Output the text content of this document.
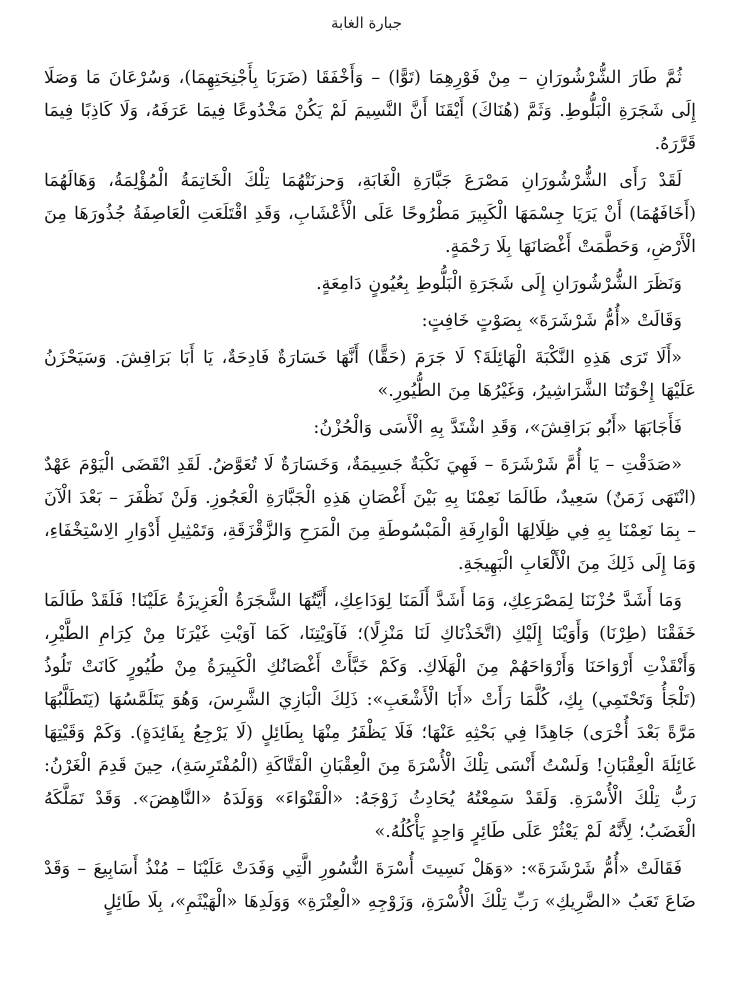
جبارة الغابة

ثُمَّ طَارَ الشُّرْشُورَانِ – مِنْ فَوْرِهِمَا (تَوًّا) – وَأَخْفَقَا (ضَرَبَا بِأَجْنِحَتِهِمَا)، وَسُرْعَانَ مَا وَصَلَا إِلَى شَجَرَةِ الْبَلُّوطِ. وَثَمَّ (هُنَاكَ) أَيْقَنَا أَنَّ النَّسِيمَ لَمْ يَكُنْ مَخْدُوعًا فِيمَا عَرَفَهُ، وَلَا كَاذِبًا فِيمَا قَرَّرَهُ.

لَقَدْ رَأَى الشُّرْشُورَانِ مَصْرَعَ جَبَّارَةِ الْغَابَةِ، وَحزنَتْهُمَا تِلْكَ الْخَاتِمَةُ الْمُؤْلِمَةُ، وَهَالَهُمَا (أَخَافَهُمَا) أَنْ يَرَيَا جِسْمَهَا الْكَبِيرَ مَطْرُوحًا عَلَى الْأَعْشَابِ، وَقَدِ اقْتَلَعَتِ الْعَاصِفَةُ جُذُورَهَا مِنَ الْأَرْضِ، وَحَطَّمَتْ أَغْصَانَهَا بِلَا رَحْمَةٍ.

وَنَظَرَ الشُّرْشُورَانِ إِلَى شَجَرَةِ الْبَلُّوطِ بِعُيُونٍ دَامِعَةٍ.

وَقَالَتْ «أُمُّ شَرْشَرَةَ» بِصَوْتٍ خَافِتٍ:

«أَلَا تَرَى هَذِهِ النَّكْبَةَ الْهَائِلَةَ؟ لَا جَرَمَ (حَقًّا) أَنَّهَا خَسَارَةٌ فَادِحَةٌ، يَا أَبَا بَرَاقِشَ. وَسَيَحْزَنُ عَلَيْهَا إِخْوَتُنَا الشَّرَاشِيرُ، وَغَيْرُهَا مِنَ الطُّيُورِ.»

فَأَجَابَهَا «أَبُو بَرَاقِشَ»، وَقَدِ اشْتَدَّ بِهِ الْأَسَى وَالْحُزْنُ:

«صَدَقْتِ – يَا أُمَّ شَرْشَرَةَ – فَهِيَ نَكْبَةٌ جَسِيمَةٌ، وَخَسَارَةٌ لَا تُعَوَّضُ. لَقَدِ انْقَضَى الْيَوْمَ عَهْدٌ (انْتَهَى زَمَنٌ) سَعِيدٌ، طَالَمَا نَعِمْنَا بِهِ بَيْنَ أَغْصَانِ هَذِهِ الْجَبَّارَةِ الْعَجُوزِ. وَلَنْ نَظْفَرَ – بَعْدَ الْآنَ – بِمَا نَعِمْنَا بِهِ فِي ظِلَالِهَا الْوَارِفَةِ الْمَبْسُوطَةِ مِنَ الْمَرَحِ وَالزَّقْزَقَةِ، وَتَمْثِيلِ أَدْوَارِ الِاسْتِخْفَاءِ، وَمَا إِلَى ذَلِكَ مِنَ الْأَلْعَابِ الْبَهِيجَةِ.

وَمَا أَشَدَّ حُزْنَنَا لِمَصْرَعِكِ، وَمَا أَشَدَّ أَلَمَنَا لِوَدَاعِكِ، أَيَّتُهَا الشَّجَرَةُ الْعَزِيزَةُ عَلَيْنَا! فَلَقَدْ طَالَمَا خَفَقْنَا (طِرْنَا) وَأَوَيْنَا إِلَيْكِ (اتَّخَذْنَاكِ لَنَا مَنْزِلًا)؛ فَآوَيْتِنَا، كَمَا آوَيْتِ غَيْرَنَا مِنْ كِرَامِ الطَّيْرِ، وَأَنْقَذْتِ أَرْوَاحَنَا وَأَرْوَاحَهُمْ مِنَ الْهَلَاكِ. وَكَمْ خَبَّأَتْ أَغْصَانُكِ الْكَبِيرَةُ مِنْ طُيُورٍ كَانَتْ تَلُوذُ (تَلْجَأُ وَتَحْتَمِي) بِكِ، كُلَّمَا رَأَتْ «أَبَا الْأَشْعَبِ»: ذَلِكَ الْبَازِيَ الشَّرِسَ، وَهُوَ يَتَلَمَّسُهَا (يَتَطَلَّبُهَا مَرَّةً بَعْدَ أُخْرَى) جَاهِدًا فِي بَحْثِهِ عَنْهَا؛ فَلَا يَظْفَرُ مِنْهَا بِطَائِلٍ (لَا يَرْجِعُ بِفَائِدَةٍ). وَكَمْ وَقَيْتِهَا غَائِلَةَ الْعِقْبَانِ! وَلَسْتُ أَنْسَى تِلْكَ الْأُسْرَةَ مِنَ الْعِقْبَانِ الْفَتَّاكَةِ (الْمُفْتَرِسَةِ)، حِينَ قَدِمَ الْغَرْنُ: رَبُّ تِلْكَ الْأُسْرَةِ. وَلَقَدْ سَمِعْتُهُ يُحَادِثُ زَوْجَهُ: «الْقَنْوَاءَ» وَوَلَدَهُ «النَّاهِضَ». وَقَدْ تَمَلَّكَهُ الْغَضَبُ؛ لِأَنَّهُ لَمْ يَعْثُرْ عَلَى طَائِرٍ وَاحِدٍ يَأْكُلُهُ.»

فَقَالَتْ «أُمُّ شَرْشَرَةَ»: «وَهَلْ نَسِيتَ أُسْرَةَ النُّسُورِ الَّتِي وَفَدَتْ عَلَيْنَا – مُنْذُ أَسَابِيعَ – وَقَدْ ضَاعَ تَعَبُ «الضَّرِيكِ» رَبِّ تِلْكَ الْأُسْرَةِ، وَزَوْجِهِ «الْعِتْرَةِ» وَوَلَدِهَا «الْهَيْثَمِ»، بِلَا طَائِلٍ
